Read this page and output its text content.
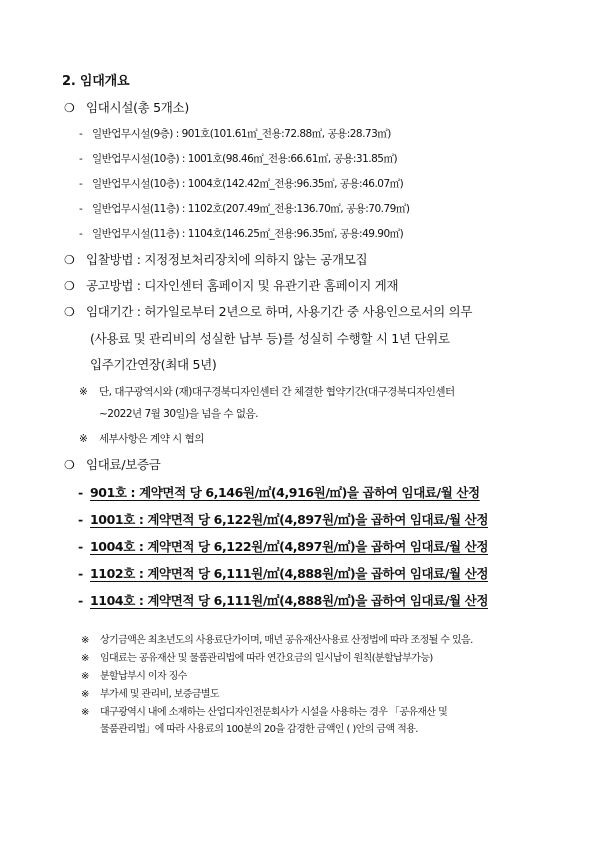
2. 임대개요
❍ 임대시설(총 5개소)
- 일반업무시설(9층) : 901호(101.61㎡_전용:72.88㎡, 공용:28.73㎡)
- 일반업무시설(10층) : 1001호(98.46㎡_전용:66.61㎡, 공용:31.85㎡)
- 일반업무시설(10층) : 1004호(142.42㎡_전용:96.35㎡, 공용:46.07㎡)
- 일반업무시설(11층) : 1102호(207.49㎡_전용:136.70㎡, 공용:70.79㎡)
- 일반업무시설(11층) : 1104호(146.25㎡_전용:96.35㎡, 공용:49.90㎡)
❍ 입찰방법 : 지정정보처리장치에 의하지 않는 공개모집
❍ 공고방법 : 디자인센터 홈페이지 및 유관기관 홈페이지 게재
❍ 임대기간 : 허가일로부터 2년으로 하며, 사용기간 중 사용인으로서의 의무
(사용료 및 관리비의 성실한 납부 등)를 성실히 수행할 시 1년 단위로
입주기간연장(최대 5년)
※ 단, 대구광역시와 (재)대구경북디자인센터 간 체결한 협약기간(대구경북디자인센터
~2022년 7월 30일)을 넘을 수 없음.
※ 세부사항은 계약 시 협의
❍ 임대료/보증금
- 901호 : 계약면적 당 6,146원/㎡(4,916원/㎡)을 곱하여 임대료/월 산정
- 1001호 : 계약면적 당 6,122원/㎡(4,897원/㎡)을 곱하여 임대료/월 산정
- 1004호 : 계약면적 당 6,122원/㎡(4,897원/㎡)을 곱하여 임대료/월 산정
- 1102호 : 계약면적 당 6,111원/㎡(4,888원/㎡)을 곱하여 임대료/월 산정
- 1104호 : 계약면적 당 6,111원/㎡(4,888원/㎡)을 곱하여 임대료/월 산정
※ 상기금액은 최초년도의 사용료단가이며, 매년 공유재산사용료 산정법에 따라 조정될 수 있음.
※ 임대료는 공유재산 및 물품관리법에 따라 연간요금의 일시납이 원칙(분할납부가능)
※ 분할납부시 이자 징수
※ 부가세 및 관리비, 보증금별도
※ 대구광역시 내에 소재하는 산업디자인전문회사가 시설을 사용하는 경우 「공유재산 및
물품관리법」에 따라 사용료의 100분의 20을 감경한 금액인 ( )안의 금액 적용.
